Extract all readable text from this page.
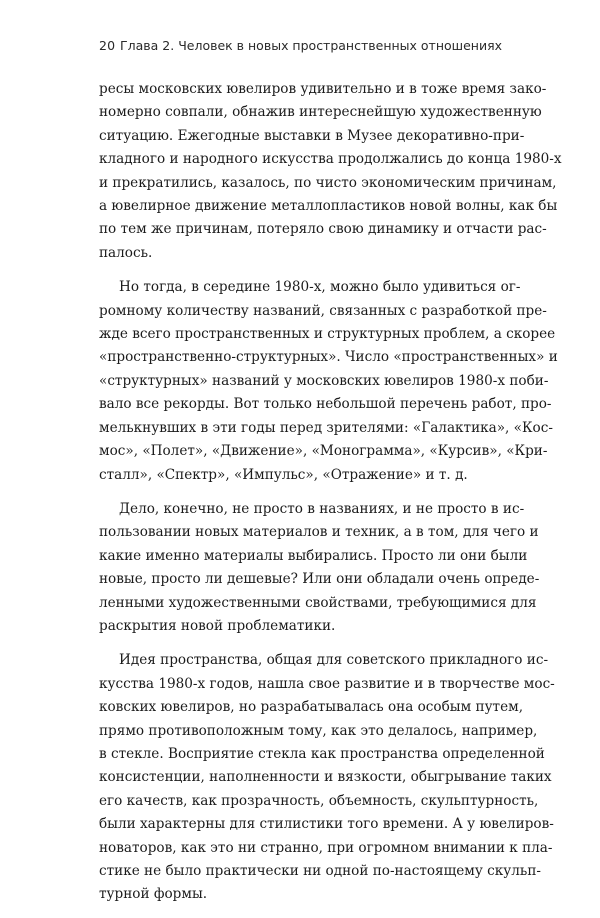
20 Глава 2. Человек в новых пространственных отношениях

ресы московских ювелиров удивительно и в тоже время зако-
номерно совпали, обнажив интереснейшую художественную
ситуацию. Ежегодные выставки в Музее декоративно-при-
кладного и народного искусства продолжались до конца 1980-х
и прекратились, казалось, по чисто экономическим причинам,
а ювелирное движение металлопластиков новой волны, как бы
по тем же причинам, потеряло свою динамику и отчасти рас-
палось.

Но тогда, в середине 1980-х, можно было удивиться ог-
ромному количеству названий, связанных с разработкой пре-
жде всего пространственных и структурных проблем, а скорее
«пространственно-структурных». Число «пространственных» и
«структурных» названий у московских ювелиров 1980-х поби-
вало все рекорды. Вот только небольшой перечень работ, про-
мелькнувших в эти годы перед зрителями: «Галактика», «Кос-
мос», «Полет», «Движение», «Монограмма», «Курсив», «Кри-
сталл», «Спектр», «Импульс», «Отражение» и т. д.

Дело, конечно, не просто в названиях, и не просто в ис-
пользовании новых материалов и техник, а в том, для чего и
какие именно материалы выбирались. Просто ли они были
новые, просто ли дешевые? Или они обладали очень опреде-
ленными художественными свойствами, требующимися для
раскрытия новой проблематики.

Идея пространства, общая для советского прикладного ис-
кусства 1980-х годов, нашла свое развитие и в творчестве мос-
ковских ювелиров, но разрабатывалась она особым путем,
прямо противоположным тому, как это делалось, например,
в стекле. Восприятие стекла как пространства определенной
консистенции, наполненности и вязкости, обыгрывание таких
его качеств, как прозрачность, объемность, скульптурность,
были характерны для стилистики того времени. А у ювелиров-
новаторов, как это ни странно, при огромном внимании к пла-
стике не было практически ни одной по-настоящему скульп-
турной формы.
